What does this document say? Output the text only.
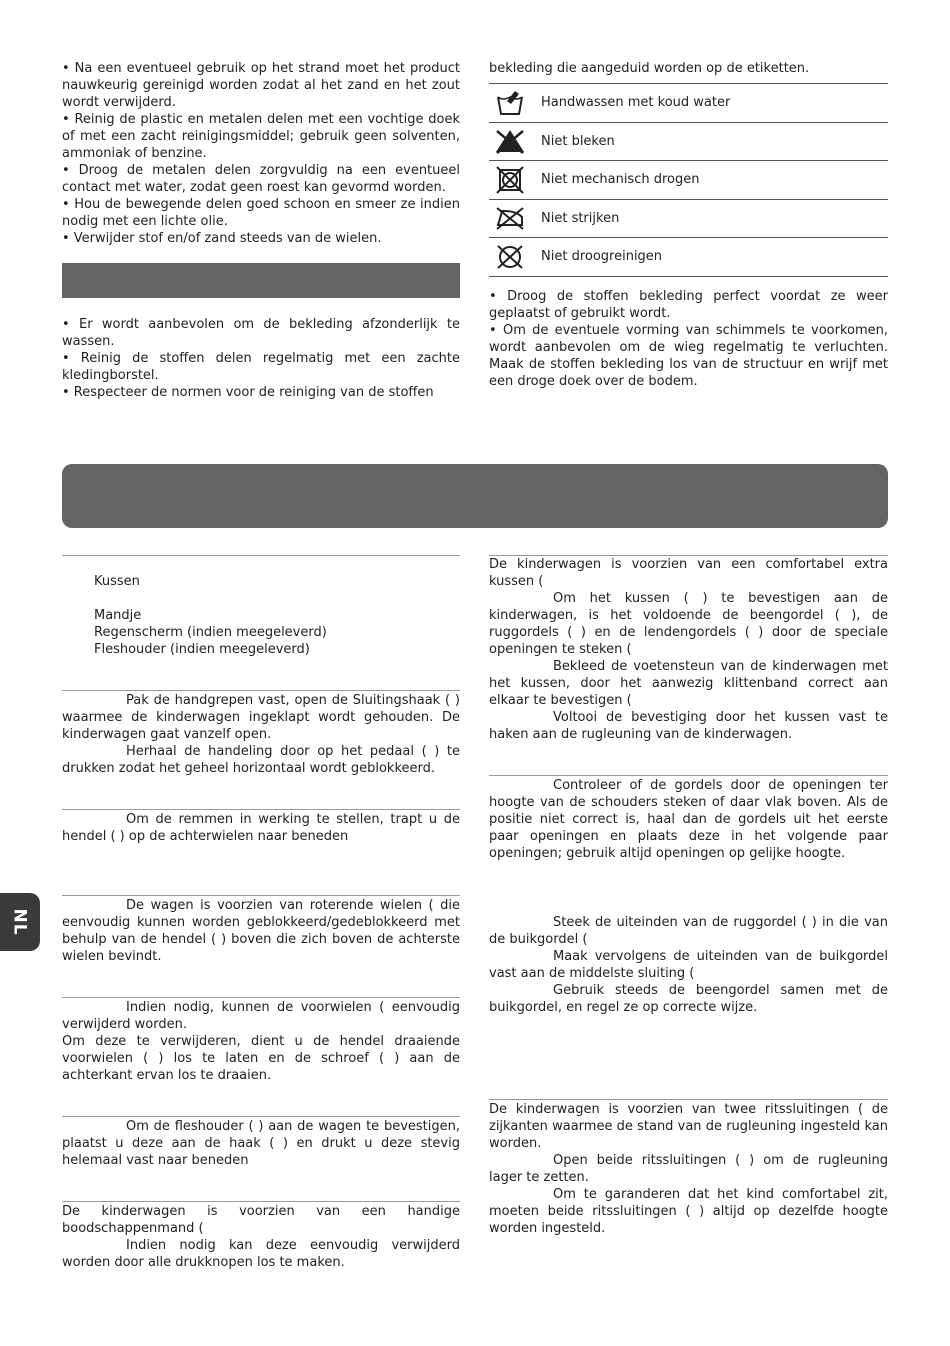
• Na een eventueel gebruik op het strand moet het product nauwkeurig gereinigd worden zodat al het zand en het zout wordt verwijderd.

• Reinig de plastic en metalen delen met een vochtige doek of met een zacht reinigingsmiddel; gebruik geen solventen, ammoniak of benzine.

• Droog de metalen delen zorgvuldig na een eventueel contact met water, zodat geen roest kan gevormd worden.

• Hou de bewegende delen goed schoon en smeer ze indien nodig met een lichte olie.

• Verwijder stof en/of zand steeds van de wielen.

• Er wordt aanbevolen om de bekleding afzonderlijk te wassen.

• Reinig de stoffen delen regelmatig met een zachte kledingborstel.

• Respecteer de normen voor de reiniging van de stoffen

bekleding die aangeduid worden op de etiketten.

Handwassen met koud water
Niet bleken
Niet mechanisch drogen
Niet strijken
Niet droogreinigen

• Droog de stoffen bekleding perfect voordat ze weer geplaatst of gebruikt wordt.

• Om de eventuele vorming van schimmels te voorkomen, wordt aanbevolen om de wieg regelmatig te verluchten. Maak de stoffen bekleding los van de structuur en wrijf met een droge doek over de bodem.

Kussen

Mandje

Regenscherm (indien meegeleverd)

Fleshouder (indien meegeleverd)

Pak de handgrepen vast, open de Sluitingshaak ( ) waarmee de kinderwagen ingeklapt wordt gehouden. De kinderwagen gaat vanzelf open.

Herhaal de handeling door op het pedaal ( ) te drukken zodat het geheel horizontaal wordt geblokkeerd.

Om de remmen in werking te stellen, trapt u de hendel ( ) op de achterwielen naar beneden

De wagen is voorzien van roterende wielen ( die eenvoudig kunnen worden geblokkeerd/gedeblokkeerd met behulp van de hendel ( ) boven die zich boven de achterste wielen bevindt.

Indien nodig, kunnen de voorwielen ( eenvoudig verwijderd worden.

Om deze te verwijderen, dient u de hendel draaiende voorwielen ( ) los te laten en de schroef ( ) aan de achterkant ervan los te draaien.

Om de fleshouder ( ) aan de wagen te bevestigen, plaatst u deze aan de haak ( ) en drukt u deze stevig helemaal vast naar beneden

De kinderwagen is voorzien van een handige boodschappenmand (

Indien nodig kan deze eenvoudig verwijderd worden door alle drukknopen los te maken.

De kinderwagen is voorzien van een comfortabel extra kussen (

Om het kussen ( ) te bevestigen aan de kinderwagen, is het voldoende de beengordel ( ), de ruggordels ( ) en de lendengordels ( ) door de speciale openingen te steken (

Bekleed de voetensteun van de kinderwagen met het kussen, door het aanwezig klittenband correct aan elkaar te bevestigen (

Voltooi de bevestiging door het kussen vast te haken aan de rugleuning van de kinderwagen.

Controleer of de gordels door de openingen ter hoogte van de schouders steken of daar vlak boven. Als de positie niet correct is, haal dan de gordels uit het eerste paar openingen en plaats deze in het volgende paar openingen; gebruik altijd openingen op gelijke hoogte.

Steek de uiteinden van de ruggordel ( ) in die van de buikgordel (

Maak vervolgens de uiteinden van de buikgordel vast aan de middelste sluiting (

Gebruik steeds de beengordel samen met de buikgordel, en regel ze op correcte wijze.

De kinderwagen is voorzien van twee ritssluitingen ( de zijkanten waarmee de stand van de rugleuning ingesteld kan worden.

Open beide ritssluitingen ( ) om de rugleuning lager te zetten.

Om te garanderen dat het kind comfortabel zit, moeten beide ritssluitingen ( ) altijd op dezelfde hoogte worden ingesteld.

NL
